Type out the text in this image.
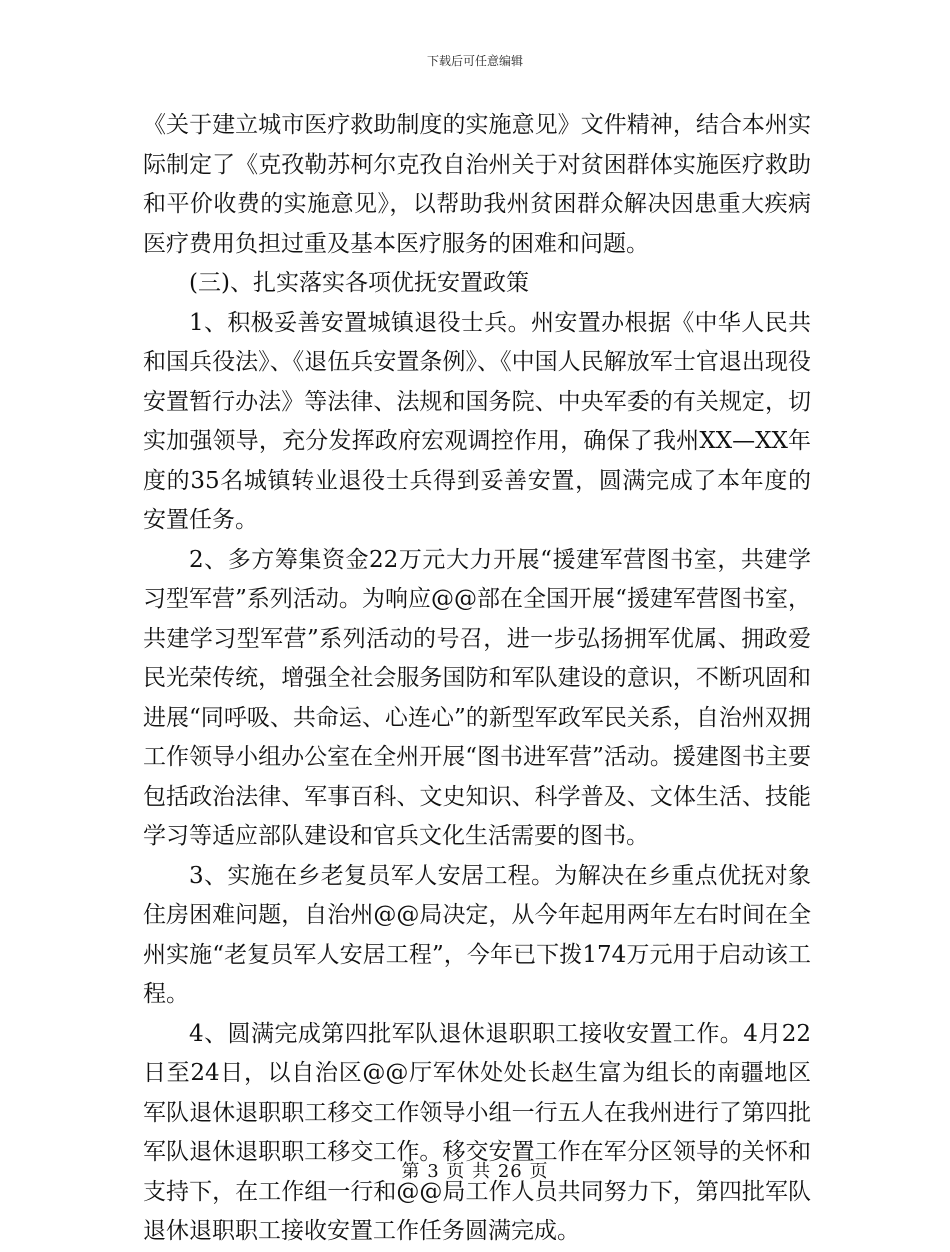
下载后可任意编辑

《关于建立城市医疗救助制度的实施意见》文件精神，结合本州实际制定了《克孜勒苏柯尔克孜自治州关于对贫困群体实施医疗救助和平价收费的实施意见》，以帮助我州贫困群众解决因患重大疾病医疗费用负担过重及基本医疗服务的困难和问题。

(三)、扎实落实各项优抚安置政策

1、积极妥善安置城镇退役士兵。州安置办根据《中华人民共和国兵役法》、《退伍兵安置条例》、《中国人民解放军士官退出现役安置暂行办法》等法律、法规和国务院、中央军委的有关规定，切实加强领导，充分发挥政府宏观调控作用，确保了我州XX—XX年度的35名城镇转业退役士兵得到妥善安置，圆满完成了本年度的安置任务。

2、多方筹集资金22万元大力开展“援建军营图书室，共建学习型军营”系列活动。为响应@@部在全国开展“援建军营图书室，共建学习型军营”系列活动的号召，进一步弘扬拥军优属、拥政爱民光荣传统，增强全社会服务国防和军队建设的意识，不断巩固和进展“同呼吸、共命运、心连心”的新型军政军民关系，自治州双拥工作领导小组办公室在全州开展“图书进军营”活动。援建图书主要包括政治法律、军事百科、文史知识、科学普及、文体生活、技能学习等适应部队建设和官兵文化生活需要的图书。

3、实施在乡老复员军人安居工程。为解决在乡重点优抚对象住房困难问题，自治州@@局决定，从今年起用两年左右时间在全州实施“老复员军人安居工程”，今年已下拨174万元用于启动该工程。

4、圆满完成第四批军队退休退职职工接收安置工作。4月22日至24日，以自治区@@厅军休处处长赵生富为组长的南疆地区军队退休退职职工移交工作领导小组一行五人在我州进行了第四批军队退休退职职工移交工作。移交安置工作在军分区领导的关怀和支持下，在工作组一行和@@局工作人员共同努力下，第四批军队退休退职职工接收安置工作任务圆满完成。

第 3 页 共 26 页
